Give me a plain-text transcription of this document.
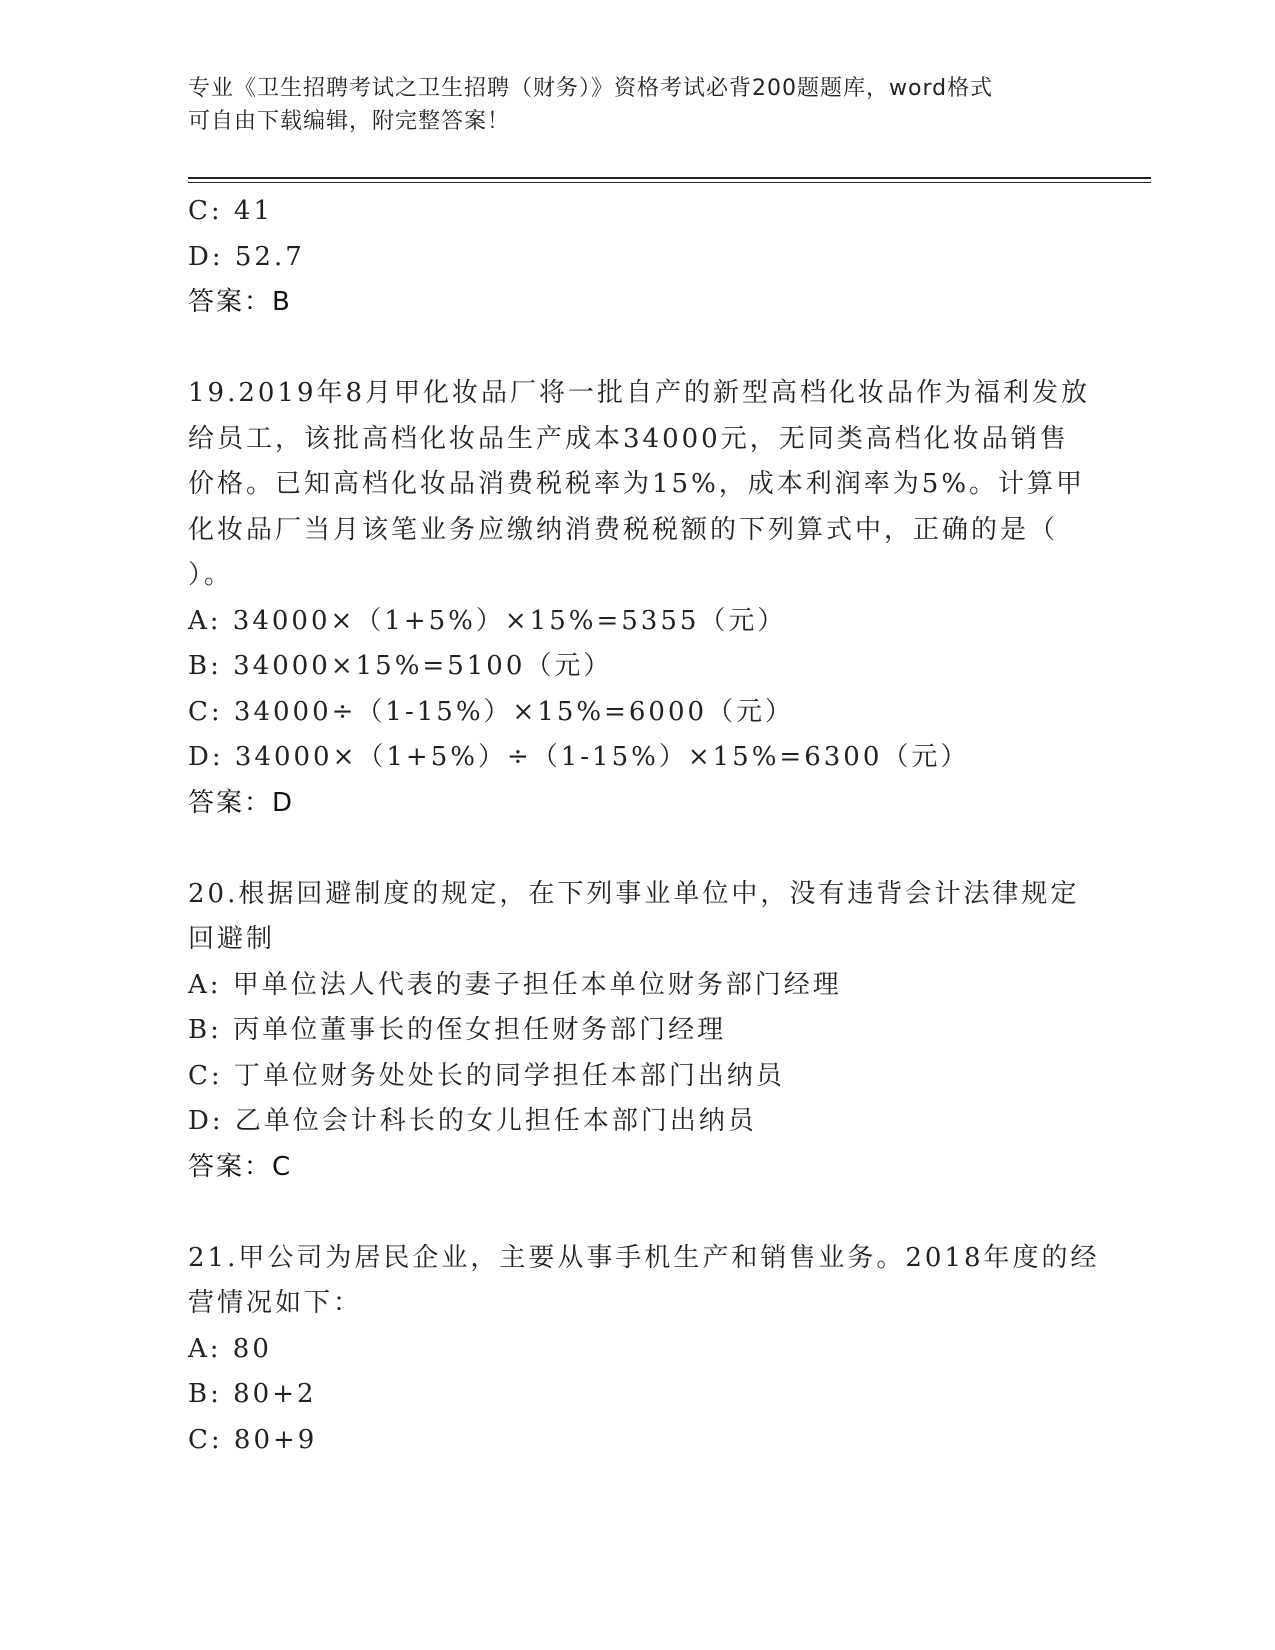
专业《卫生招聘考试之卫生招聘（财务）》资格考试必背200题题库，word格式
可自由下载编辑，附完整答案！
C: 41
D: 52.7
答案：B
19.2019年8月甲化妆品厂将一批自产的新型高档化妆品作为福利发放
给员工，该批高档化妆品生产成本34000元，无同类高档化妆品销售
价格。已知高档化妆品消费税税率为15%，成本利润率为5%。计算甲
化妆品厂当月该笔业务应缴纳消费税税额的下列算式中，正确的是（
）。
A: 34000×（1+5%）×15%=5355（元）
B: 34000×15%=5100（元）
C: 34000÷（1-15%）×15%=6000（元）
D: 34000×（1+5%）÷（1-15%）×15%=6300（元）
答案：D
20.根据回避制度的规定，在下列事业单位中，没有违背会计法律规定
回避制
A: 甲单位法人代表的妻子担任本单位财务部门经理
B: 丙单位董事长的侄女担任财务部门经理
C: 丁单位财务处处长的同学担任本部门出纳员
D: 乙单位会计科长的女儿担任本部门出纳员
答案：C
21.甲公司为居民企业，主要从事手机生产和销售业务。2018年度的经
营情况如下：
A: 80
B: 80+2
C: 80+9
